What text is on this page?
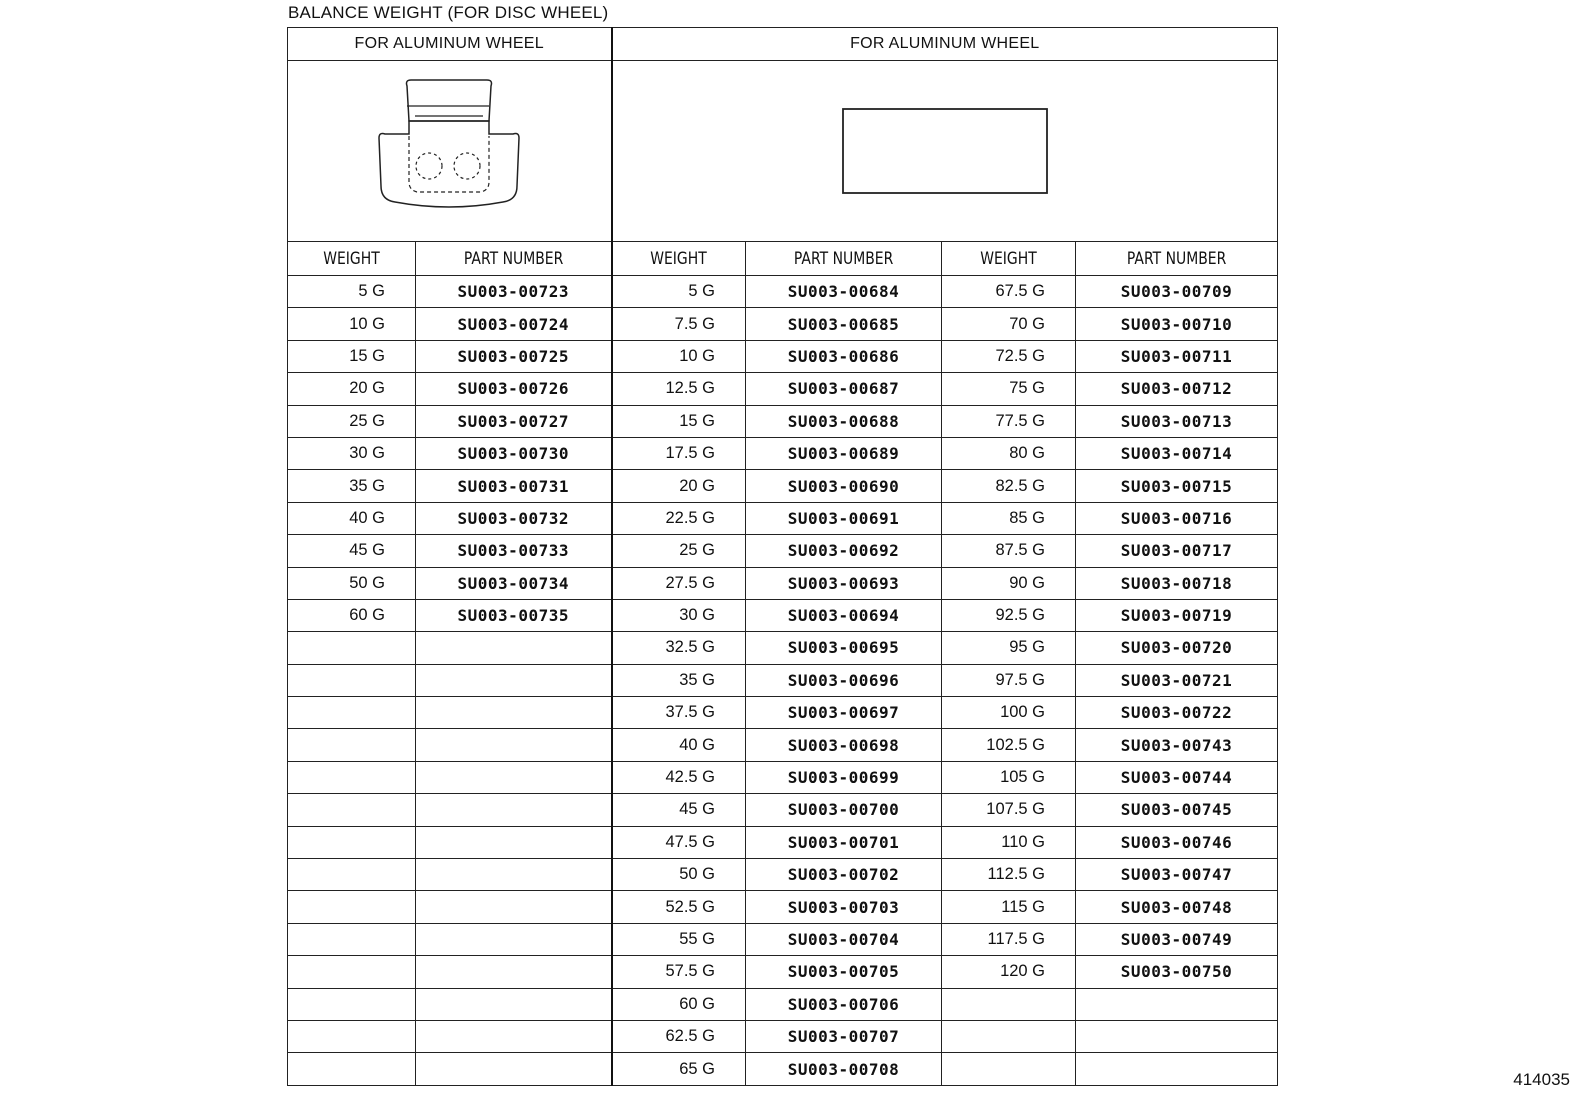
BALANCE WEIGHT (FOR DISC WHEEL)
FOR ALUMINUM WHEEL		FOR ALUMINUM WHEEL			

WEIGHT	PART NUMBER	WEIGHT	PART NUMBER	WEIGHT	PART NUMBER
5 G	SU003-00723	5 G	SU003-00684	67.5 G	SU003-00709
10 G	SU003-00724	7.5 G	SU003-00685	70 G	SU003-00710
15 G	SU003-00725	10 G	SU003-00686	72.5 G	SU003-00711
20 G	SU003-00726	12.5 G	SU003-00687	75 G	SU003-00712
25 G	SU003-00727	15 G	SU003-00688	77.5 G	SU003-00713
30 G	SU003-00730	17.5 G	SU003-00689	80 G	SU003-00714
35 G	SU003-00731	20 G	SU003-00690	82.5 G	SU003-00715
40 G	SU003-00732	22.5 G	SU003-00691	85 G	SU003-00716
45 G	SU003-00733	25 G	SU003-00692	87.5 G	SU003-00717
50 G	SU003-00734	27.5 G	SU003-00693	90 G	SU003-00718
60 G	SU003-00735	30 G	SU003-00694	92.5 G	SU003-00719
		32.5 G	SU003-00695	95 G	SU003-00720
		35 G	SU003-00696	97.5 G	SU003-00721
		37.5 G	SU003-00697	100 G	SU003-00722
		40 G	SU003-00698	102.5 G	SU003-00743
		42.5 G	SU003-00699	105 G	SU003-00744
		45 G	SU003-00700	107.5 G	SU003-00745
		47.5 G	SU003-00701	110 G	SU003-00746
		50 G	SU003-00702	112.5 G	SU003-00747
		52.5 G	SU003-00703	115 G	SU003-00748
		55 G	SU003-00704	117.5 G	SU003-00749
		57.5 G	SU003-00705	120 G	SU003-00750
		60 G	SU003-00706		
		62.5 G	SU003-00707		
		65 G	SU003-00708		
414035
